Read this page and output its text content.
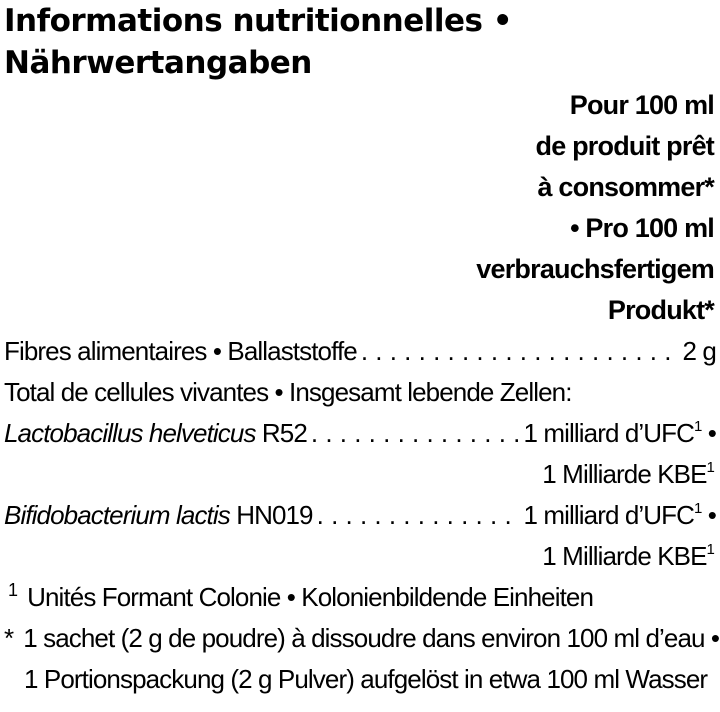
Informations nutritionnelles •
Nährwertangaben
Pour 100 ml
de produit prêt
à consommer*
• Pro 100 ml
verbrauchsfertigem
Produkt*
Fibres alimentaires • Ballaststoffe . . .	2 g
Total de cellules vivantes • Insgesamt lebende Zellen:
Lactobacillus helveticus R52 . . .	1 milliard d’UFC$^1$ •
1 Milliarde KBE$^1$
Bifidobacterium lactis HN019 . . .	1 milliard d’UFC$^1$ •
1 Milliarde KBE$^1$
$^1$ Unités Formant Colonie • Kolonienbildende Einheiten
* 1 sachet (2 g de poudre) à dissoudre dans environ 100 ml d’eau •
1 Portionspackung (2 g Pulver) aufgelöst in etwa 100 ml Wasser
